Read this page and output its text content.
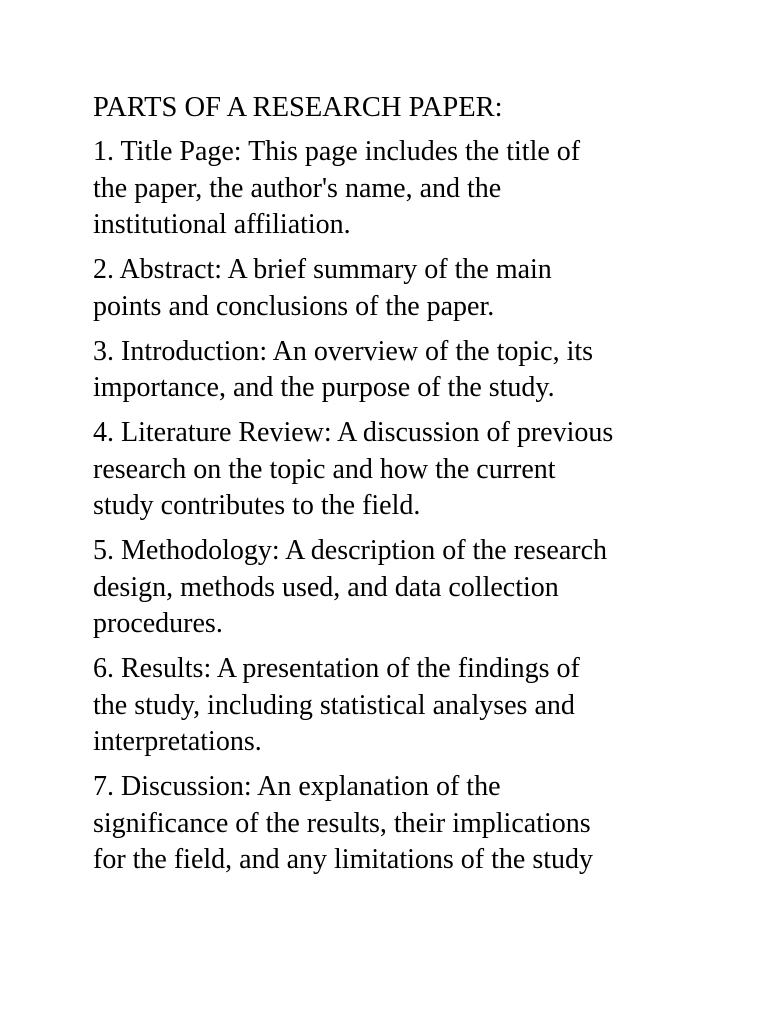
PARTS OF A RESEARCH PAPER:
1. Title Page: This page includes the title of
the paper, the author's name, and the
institutional affiliation.
2. Abstract: A brief summary of the main
points and conclusions of the paper.
3. Introduction: An overview of the topic, its
importance, and the purpose of the study.
4. Literature Review: A discussion of previous
research on the topic and how the current
study contributes to the field.
5. Methodology: A description of the research
design, methods used, and data collection
procedures.
6. Results: A presentation of the findings of
the study, including statistical analyses and
interpretations.
7. Discussion: An explanation of the
significance of the results, their implications
for the field, and any limitations of the study
